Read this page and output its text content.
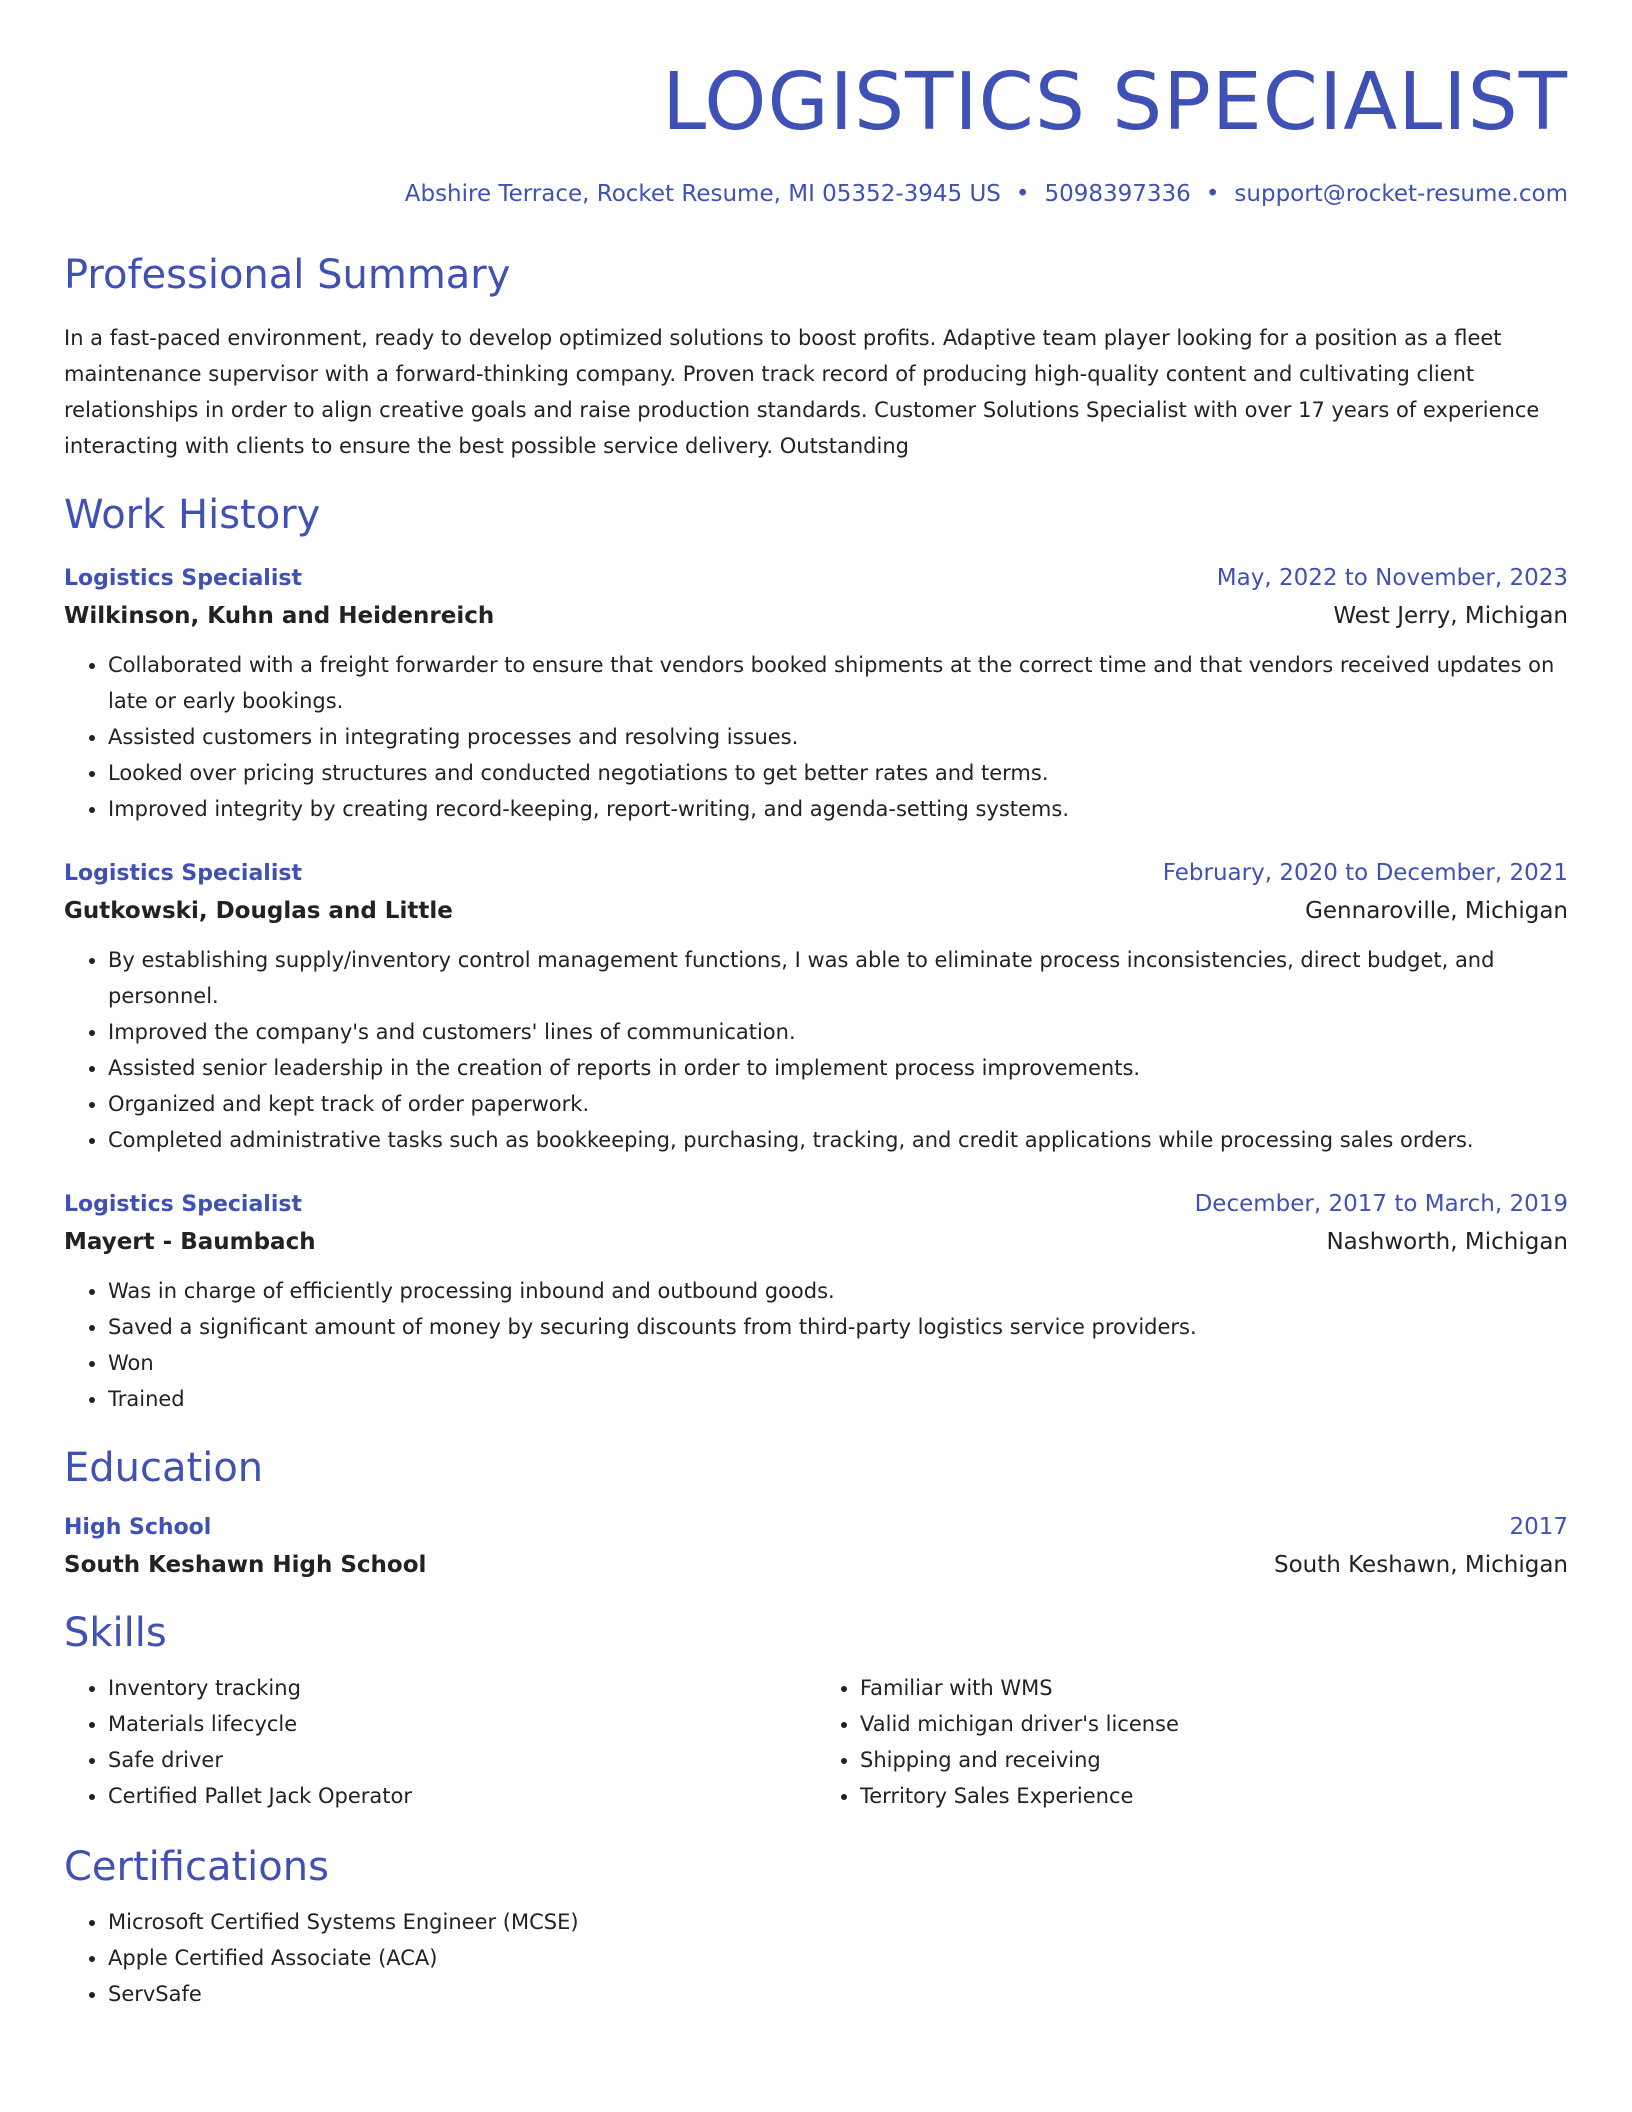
LOGISTICS SPECIALIST
Abshire Terrace, Rocket Resume, MI 05352-3945 US • 5098397336 • support@rocket-resume.com
Professional Summary

In a fast-paced environment, ready to develop optimized solutions to boost profits. Adaptive team player looking for a position as a fleet maintenance supervisor with a forward-thinking company. Proven track record of producing high-quality content and cultivating client relationships in order to align creative goals and raise production standards. Customer Solutions Specialist with over 17 years of experience interacting with clients to ensure the best possible service delivery. Outstanding

Work History
Logistics Specialist	May, 2022 to November, 2023
Wilkinson, Kuhn and Heidenreich	West Jerry, Michigan
• Collaborated with a freight forwarder to ensure that vendors booked shipments at the correct time and that vendors received updates on late or early bookings.
• Assisted customers in integrating processes and resolving issues.
• Looked over pricing structures and conducted negotiations to get better rates and terms.
• Improved integrity by creating record-keeping, report-writing, and agenda-setting systems.
Logistics Specialist	February, 2020 to December, 2021
Gutkowski, Douglas and Little	Gennaroville, Michigan
• By establishing supply/inventory control management functions, I was able to eliminate process inconsistencies, direct budget, and personnel.
• Improved the company's and customers' lines of communication.
• Assisted senior leadership in the creation of reports in order to implement process improvements.
• Organized and kept track of order paperwork.
• Completed administrative tasks such as bookkeeping, purchasing, tracking, and credit applications while processing sales orders.
Logistics Specialist	December, 2017 to March, 2019
Mayert - Baumbach	Nashworth, Michigan
• Was in charge of efficiently processing inbound and outbound goods.
• Saved a significant amount of money by securing discounts from third-party logistics service providers.
• Won
• Trained
Education
High School	2017
South Keshawn High School	South Keshawn, Michigan
Skills
• Inventory tracking
• Materials lifecycle
• Safe driver
• Certified Pallet Jack Operator
• Familiar with WMS
• Valid michigan driver's license
• Shipping and receiving
• Territory Sales Experience
Certifications
• Microsoft Certified Systems Engineer (MCSE)
• Apple Certified Associate (ACA)
• ServSafe
